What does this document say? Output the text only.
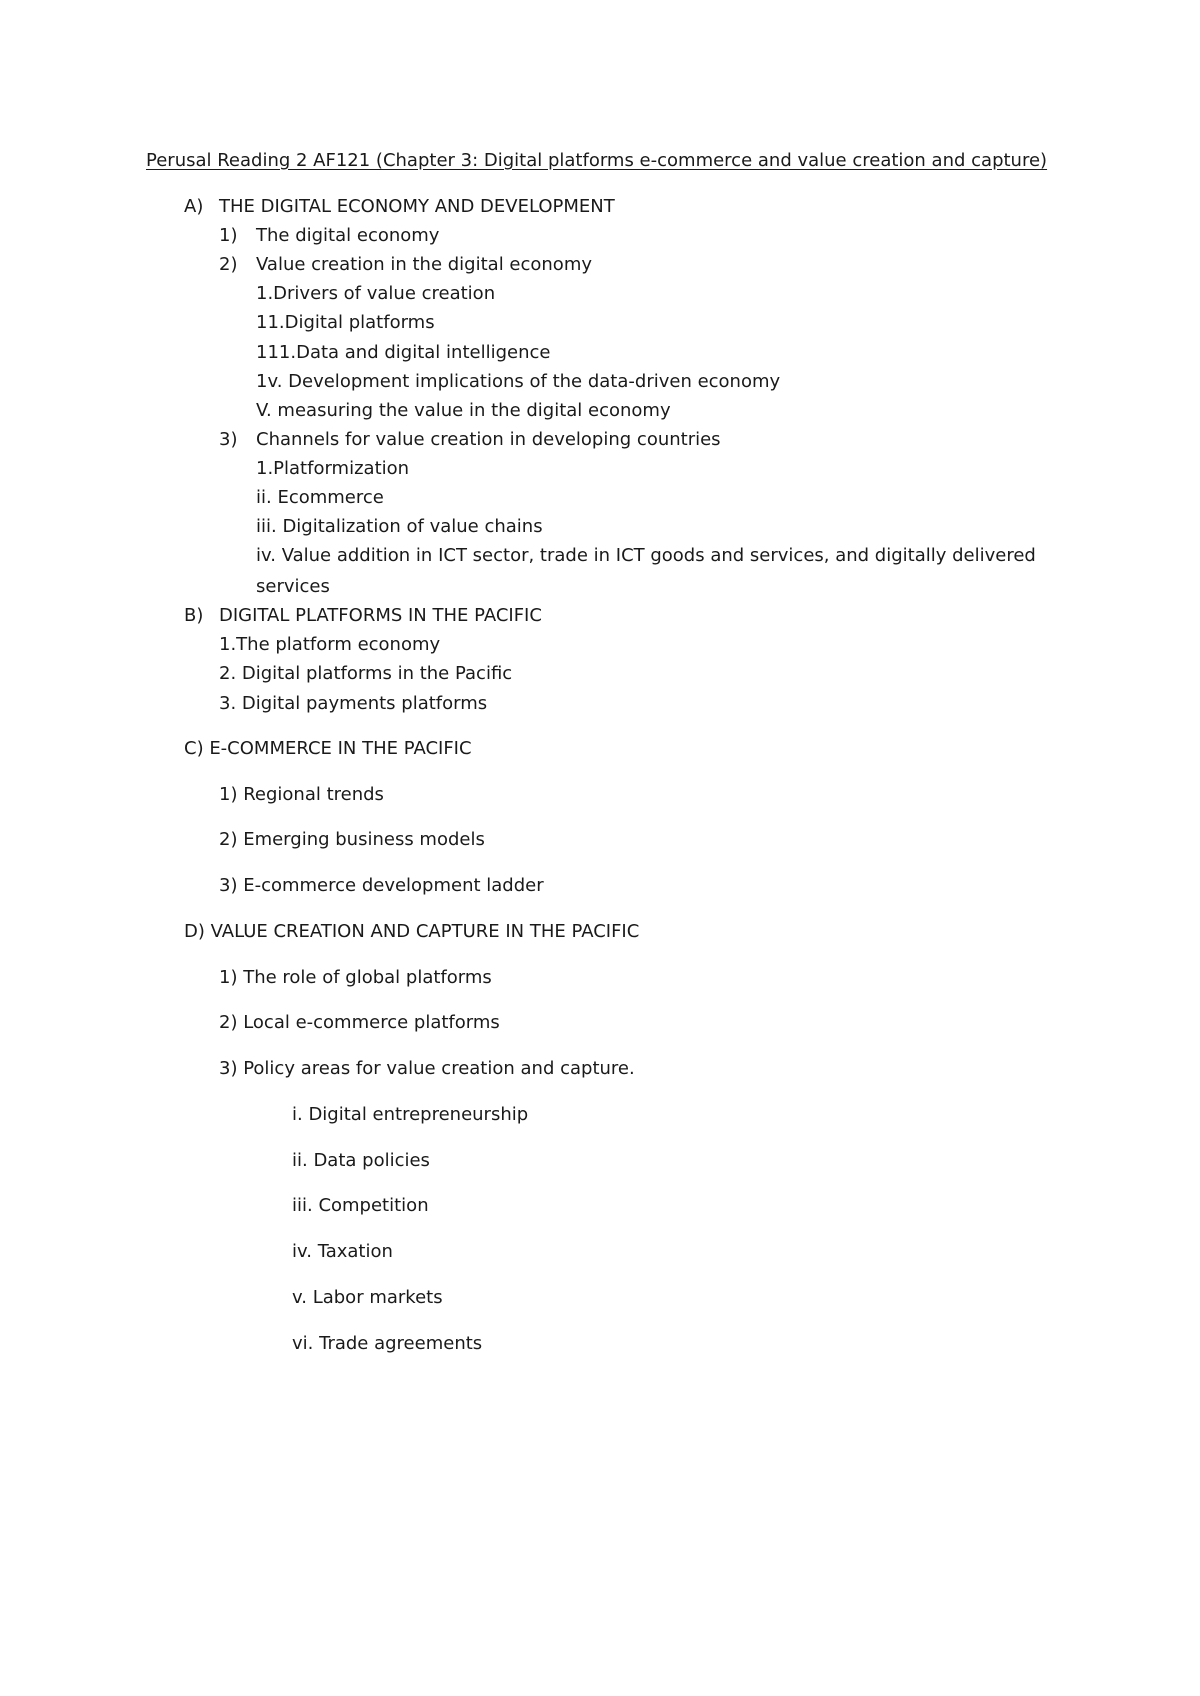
Perusal Reading 2 AF121 (Chapter 3: Digital platforms e-commerce and value creation and capture)
A) THE DIGITAL ECONOMY AND DEVELOPMENT
1) The digital economy
2) Value creation in the digital economy
1.Drivers of value creation
11.Digital platforms
111.Data and digital intelligence
1v. Development implications of the data-driven economy
V. measuring the value in the digital economy
3) Channels for value creation in developing countries
1.Platformization
ii. Ecommerce
iii. Digitalization of value chains
iv. Value addition in ICT sector, trade in ICT goods and services, and digitally delivered
services
B) DIGITAL PLATFORMS IN THE PACIFIC
1.The platform economy
2. Digital platforms in the Pacific
3. Digital payments platforms
C) E-COMMERCE IN THE PACIFIC
1) Regional trends
2) Emerging business models
3) E-commerce development ladder
D) VALUE CREATION AND CAPTURE IN THE PACIFIC
1) The role of global platforms
2) Local e-commerce platforms
3) Policy areas for value creation and capture.
i. Digital entrepreneurship
ii. Data policies
iii. Competition
iv. Taxation
v. Labor markets
vi. Trade agreements
